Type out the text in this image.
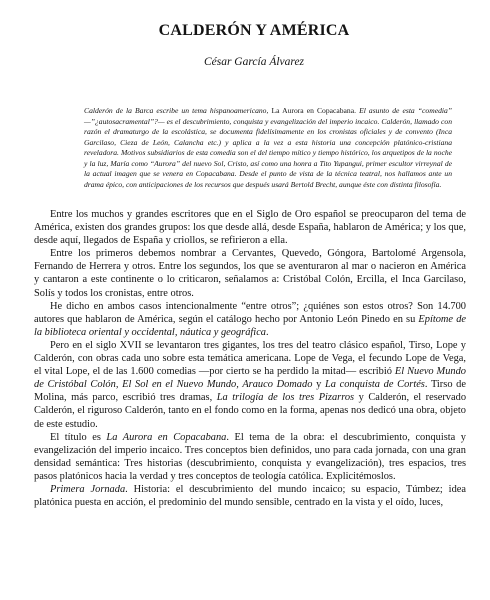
CALDERÓN Y AMÉRICA
César García Álvarez
Calderón de la Barca escribe un tema hispanoamericano, La Aurora en Copacabana. El asunto de esta “comedia” —”¿autosacramental”?— es el descubrimiento, conquista y evangelización del imperio incaico. Calderón, llamado con razón el dramaturgo de la escolástica, se documenta fidelísimamente en los cronistas oficiales y de convento (Inca Garcilaso, Cieza de León, Calancha etc.) y aplica a la vez a esta historia una concepción platónico-cristiana reveladora. Motivos subsidiarios de esta comedia son el del tiempo mítico y tiempo histórico, los arquetipos de la noche y la luz, María como “Aurora” del nuevo Sol, Cristo, así como una honra a Tito Yupangui, primer escultor virreynal de la actual imagen que se venera en Copacabana. Desde el punto de vista de la técnica teatral, nos hallamos ante un drama épico, con anticipaciones de los recursos que después usará Bertold Brecht, aunque éste con distinta filosofía.

Entre los muchos y grandes escritores que en el Siglo de Oro español se preocuparon del tema de América, existen dos grandes grupos: los que desde allá, desde España, hablaron de América; y los que, desde aquí, llegados de España y criollos, se refirieron a ella.

Entre los primeros debemos nombrar a Cervantes, Quevedo, Góngora, Bartolomé Argensola, Fernando de Herrera y otros. Entre los segundos, los que se aventuraron al mar o nacieron en América y cantaron a este continente o lo criticaron, señalamos a: Cristóbal Colón, Ercilla, el Inca Garcilaso, Solís y todos los cronistas, entre otros.

He dicho en ambos casos intencionalmente “entre otros”; ¿quiénes son estos otros? Son 14.700 autores que hablaron de América, según el catálogo hecho por Antonio León Pinedo en su Epítome de la biblioteca oriental y occidental, náutica y geográfica.

Pero en el siglo XVII se levantaron tres gigantes, los tres del teatro clásico español, Tirso, Lope y Calderón, con obras cada uno sobre esta temática americana. Lope de Vega, el fecundo Lope de Vega, el vital Lope, el de las 1.600 comedias —por cierto se ha perdido la mitad— escribió El Nuevo Mundo de Cristóbal Colón, El Sol en el Nuevo Mundo, Arauco Domado y La conquista de Cortés. Tirso de Molina, más parco, escribió tres dramas, La trilogía de los tres Pizarros y Calderón, el reservado Calderón, el riguroso Calderón, tanto en el fondo como en la forma, apenas nos dedicó una obra, objeto de este estudio.

El título es La Aurora en Copacabana. El tema de la obra: el descubrimiento, conquista y evangelización del imperio incaico. Tres conceptos bien definidos, uno para cada jornada, con una gran densidad semántica: Tres historias (descubrimiento, conquista y evangelización), tres espacios, tres pasos platónicos hacia la verdad y tres conceptos de teología católica. Explicitémoslos.

Primera Jornada. Historia: el descubrimiento del mundo incaico; su espacio, Túmbez; idea platónica puesta en acción, el predominio del mundo sensible, centrado en la vista y el oído, luces,
